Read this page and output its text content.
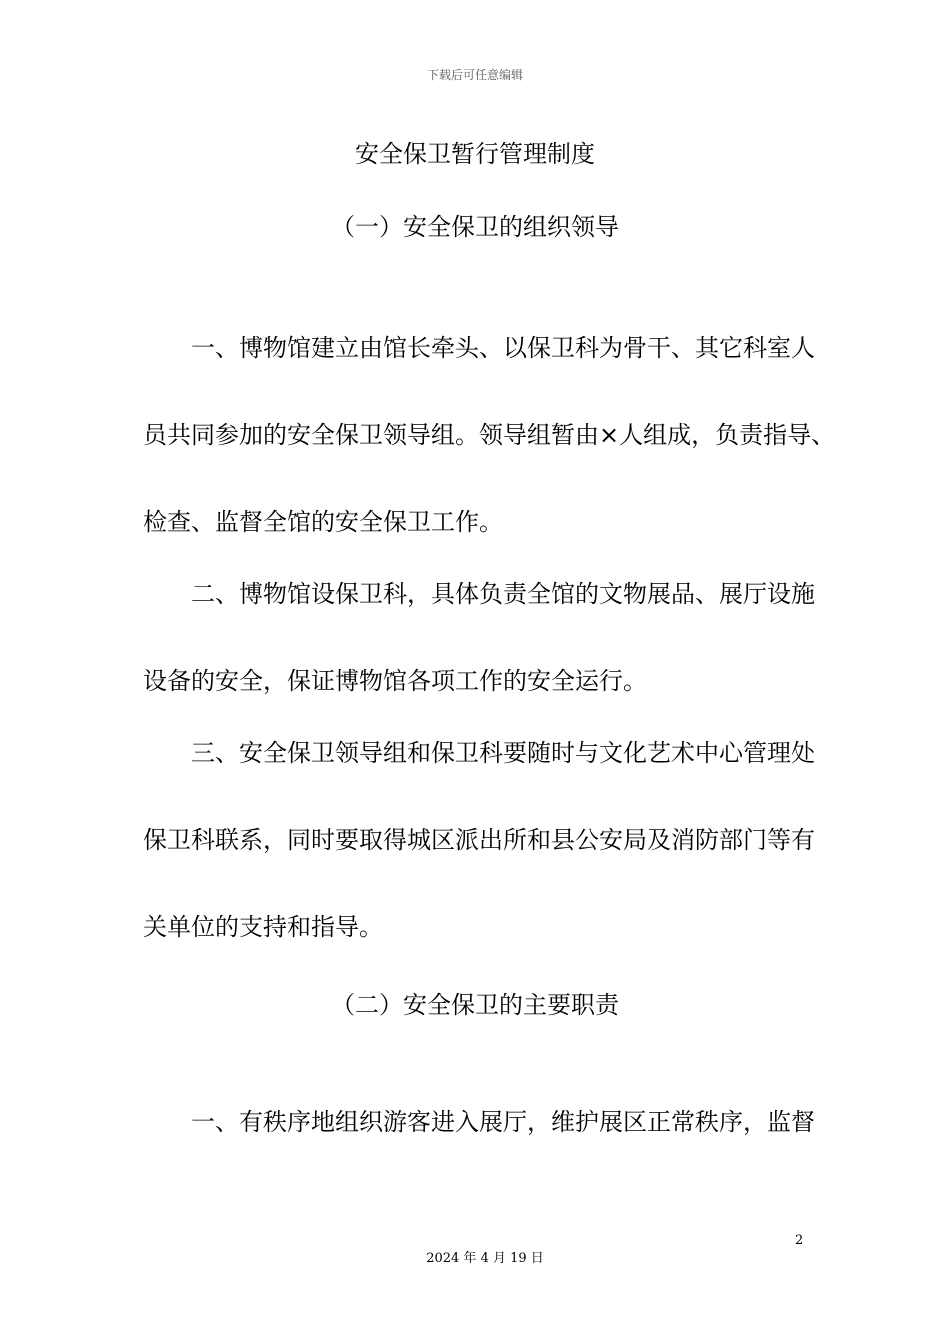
下载后可任意编辑
安全保卫暂行管理制度
（一）安全保卫的组织领导
一、博物馆建立由馆长牵头、以保卫科为骨干、其它科室人
员共同参加的安全保卫领导组。领导组暂由×人组成，负责指导、
检查、监督全馆的安全保卫工作。
二、博物馆设保卫科，具体负责全馆的文物展品、展厅设施
设备的安全，保证博物馆各项工作的安全运行。
三、安全保卫领导组和保卫科要随时与文化艺术中心管理处
保卫科联系，同时要取得城区派出所和县公安局及消防部门等有
关单位的支持和指导。
（二）安全保卫的主要职责
一、有秩序地组织游客进入展厅，维护展区正常秩序，监督
2
2024 年 4 月 19 日
